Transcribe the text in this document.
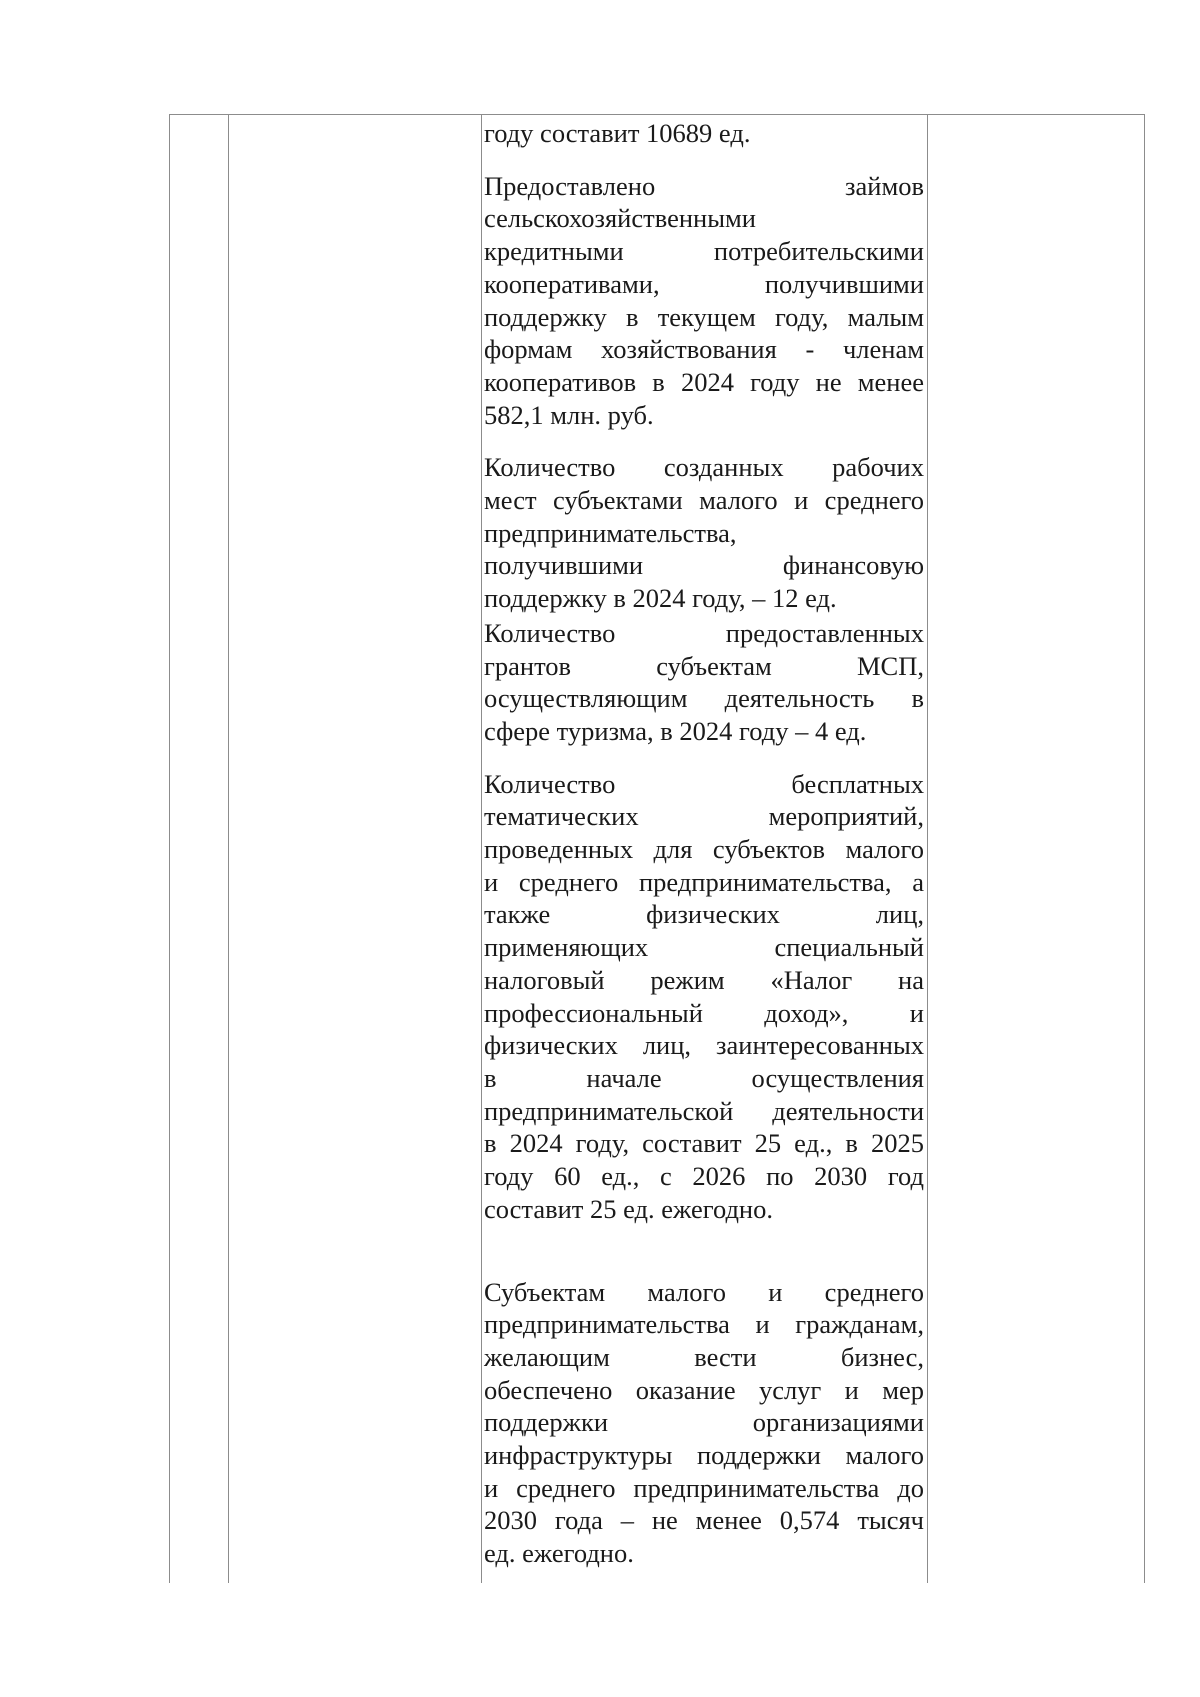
году составит 10689 ед.
Предоставлено займов
сельскохозяйственными
кредитными потребительскими
кооперативами, получившими
поддержку в текущем году, малым
формам хозяйствования - членам
кооперативов в 2024 году не менее
582,1 млн. руб.
Количество созданных рабочих
мест субъектами малого и среднего
предпринимательства,
получившими финансовую
поддержку в 2024 году, – 12 ед.
Количество предоставленных
грантов субъектам МСП,
осуществляющим деятельность в
сфере туризма, в 2024 году – 4 ед.
Количество бесплатных
тематических мероприятий,
проведенных для субъектов малого
и среднего предпринимательства, а
также физических лиц,
применяющих специальный
налоговый режим «Налог на
профессиональный доход», и
физических лиц, заинтересованных
в начале осуществления
предпринимательской деятельности
в 2024 году, составит 25 ед., в 2025
году 60 ед., с 2026 по 2030 год
составит 25 ед. ежегодно.
Субъектам малого и среднего
предпринимательства и гражданам,
желающим вести бизнес,
обеспечено оказание услуг и мер
поддержки организациями
инфраструктуры поддержки малого
и среднего предпринимательства до
2030 года – не менее 0,574 тысяч
ед. ежегодно.
